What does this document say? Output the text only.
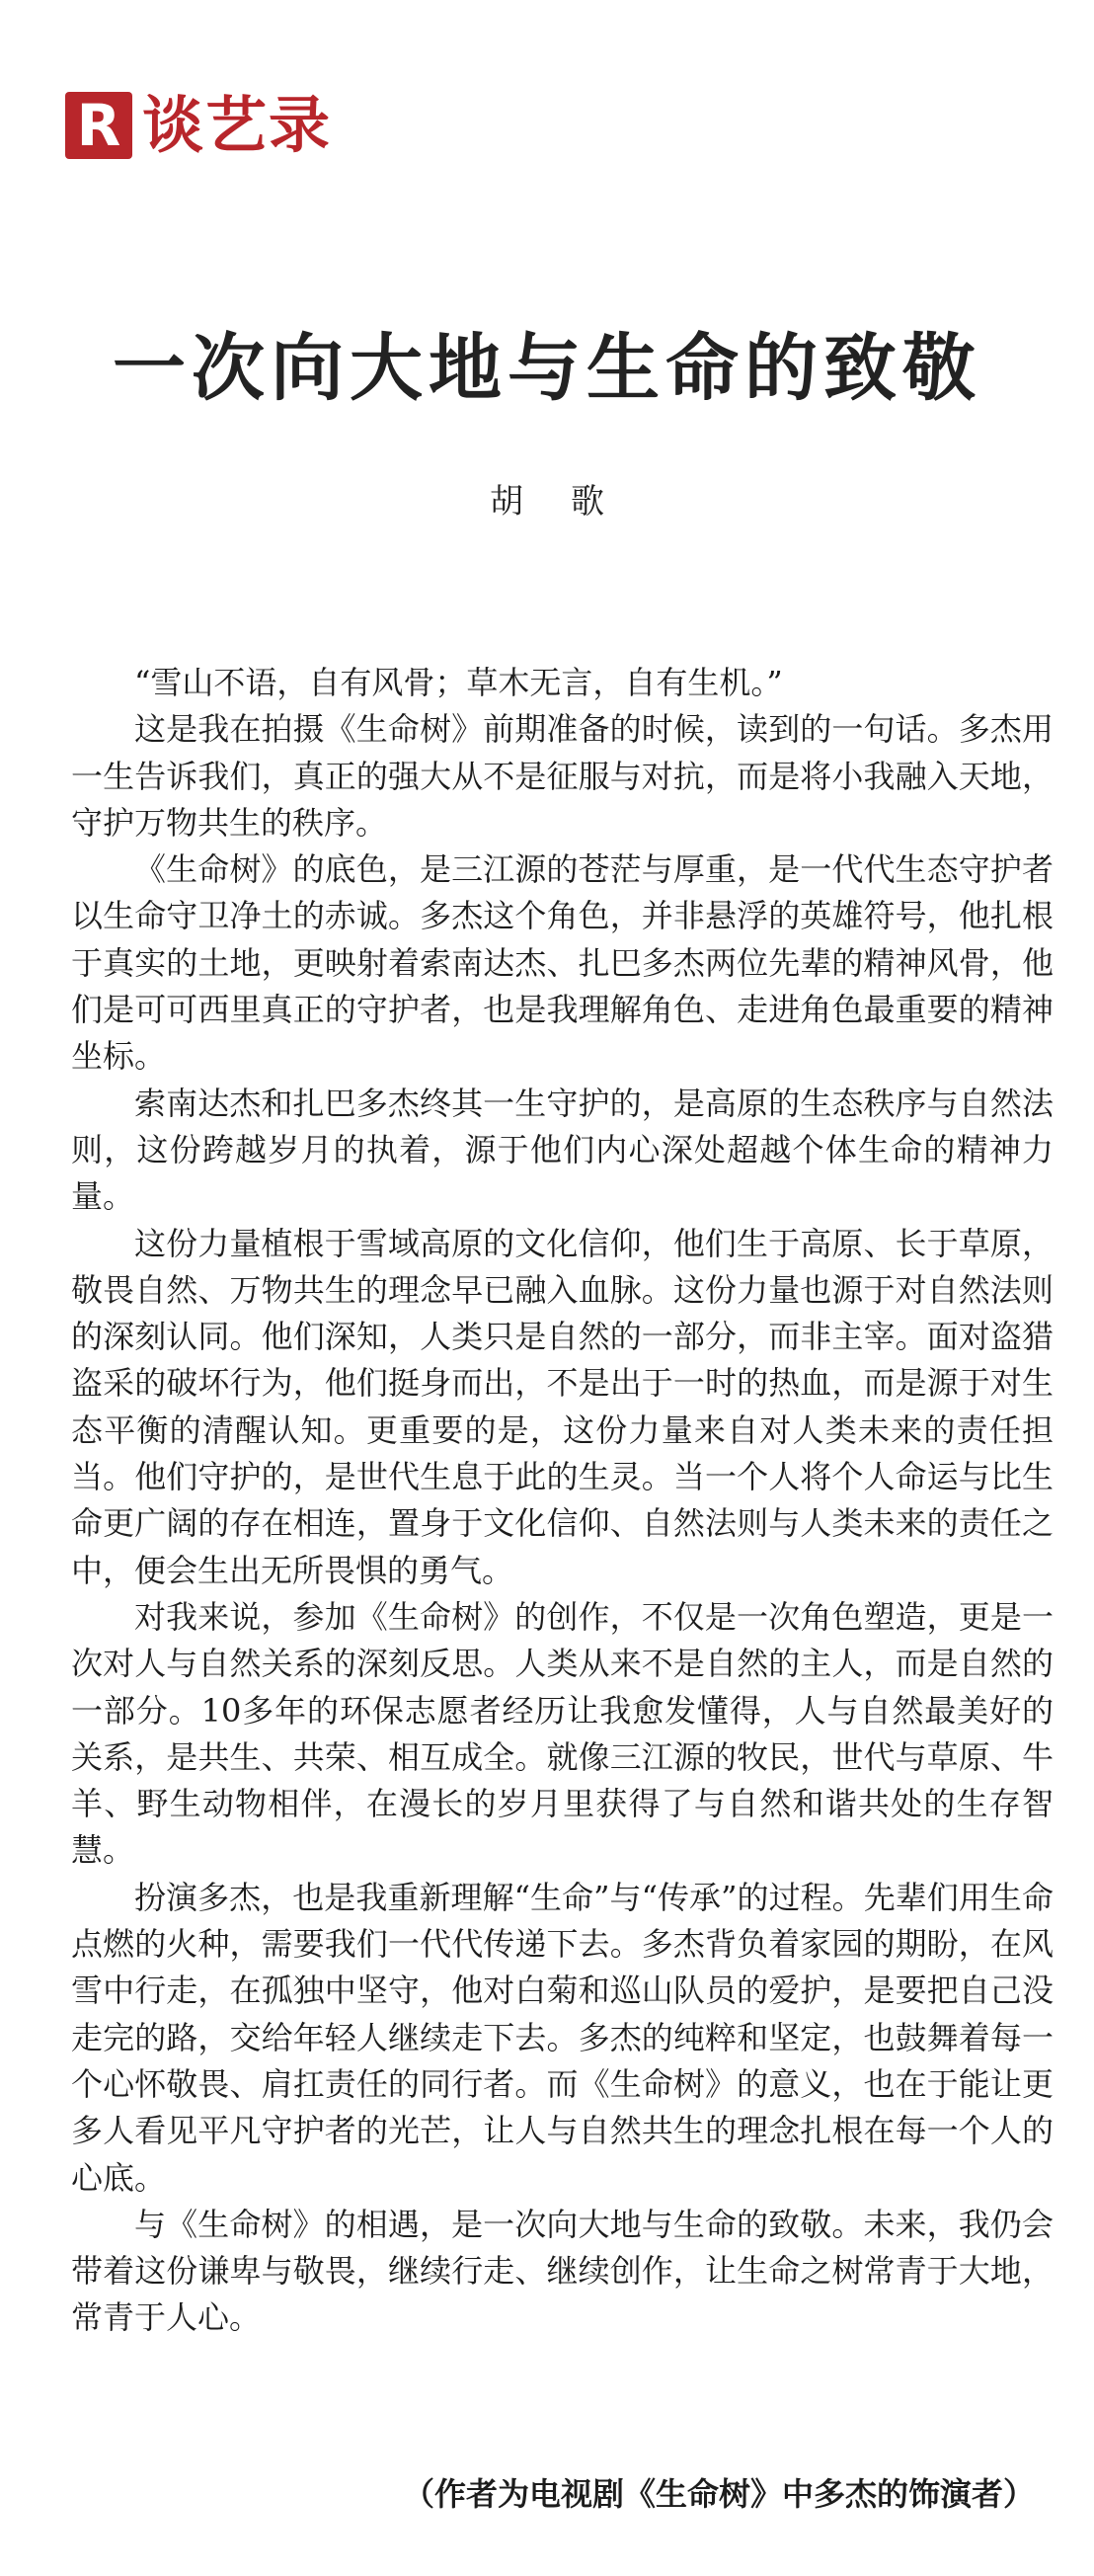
R 谈艺录
一次向大地与生命的致敬
胡歌

“雪山不语，自有风骨；草木无言，自有生机。”

这是我在拍摄《生命树》前期准备的时候，读到的一句话。多杰用一生告诉我们，真正的强大从不是征服与对抗，而是将小我融入天地，守护万物共生的秩序。

《生命树》的底色，是三江源的苍茫与厚重，是一代代生态守护者以生命守卫净土的赤诚。多杰这个角色，并非悬浮的英雄符号，他扎根于真实的土地，更映射着索南达杰、扎巴多杰两位先辈的精神风骨，他们是可可西里真正的守护者，也是我理解角色、走进角色最重要的精神坐标。

索南达杰和扎巴多杰终其一生守护的，是高原的生态秩序与自然法则，这份跨越岁月的执着，源于他们内心深处超越个体生命的精神力量。

这份力量植根于雪域高原的文化信仰，他们生于高原、长于草原，敬畏自然、万物共生的理念早已融入血脉。这份力量也源于对自然法则的深刻认同。他们深知，人类只是自然的一部分，而非主宰。面对盗猎盗采的破坏行为，他们挺身而出，不是出于一时的热血，而是源于对生态平衡的清醒认知。更重要的是，这份力量来自对人类未来的责任担当。他们守护的，是世代生息于此的生灵。当一个人将个人命运与比生命更广阔的存在相连，置身于文化信仰、自然法则与人类未来的责任之中，便会生出无所畏惧的勇气。

对我来说，参加《生命树》的创作，不仅是一次角色塑造，更是一次对人与自然关系的深刻反思。人类从来不是自然的主人，而是自然的一部分。10多年的环保志愿者经历让我愈发懂得，人与自然最美好的关系，是共生、共荣、相互成全。就像三江源的牧民，世代与草原、牛羊、野生动物相伴，在漫长的岁月里获得了与自然和谐共处的生存智慧。

扮演多杰，也是我重新理解“生命”与“传承”的过程。先辈们用生命点燃的火种，需要我们一代代传递下去。多杰背负着家园的期盼，在风雪中行走，在孤独中坚守，他对白菊和巡山队员的爱护，是要把自己没走完的路，交给年轻人继续走下去。多杰的纯粹和坚定，也鼓舞着每一个心怀敬畏、肩扛责任的同行者。而《生命树》的意义，也在于能让更多人看见平凡守护者的光芒，让人与自然共生的理念扎根在每一个人的心底。

与《生命树》的相遇，是一次向大地与生命的致敬。未来，我仍会带着这份谦卑与敬畏，继续行走、继续创作，让生命之树常青于大地，常青于人心。

（作者为电视剧《生命树》中多杰的饰演者）
